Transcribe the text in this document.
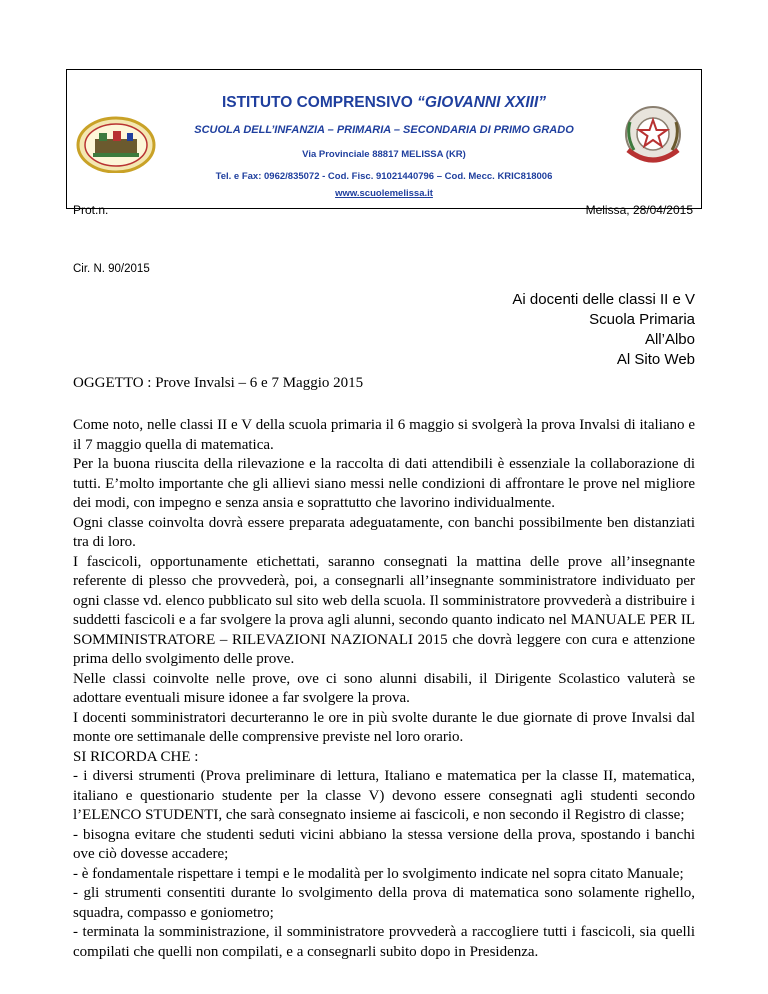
ISTITUTO COMPRENSIVO “GIOVANNI XXIII”
SCUOLA DELL’INFANZIA – PRIMARIA – SECONDARIA DI PRIMO GRADO
Via Provinciale 88817 MELISSA (KR)
Tel. e Fax: 0962/835072 - Cod. Fisc. 91021440796 – Cod. Mecc. KRIC818006
www.scuolemelissa.it
Prot.n.	Melissa, 28/04/2015
Cir. N. 90/2015
Ai docenti delle classi II e V
Scuola Primaria
All’Albo
Al Sito Web
OGGETTO : Prove Invalsi – 6 e 7 Maggio 2015

Come noto, nelle classi II e V della scuola primaria il 6 maggio si svolgerà la prova Invalsi di italiano e il 7 maggio quella di matematica.

Per la buona riuscita della rilevazione e la raccolta di dati attendibili è essenziale la collaborazione di tutti. E’molto importante che gli allievi siano messi nelle condizioni di affrontare le prove nel migliore dei modi, con impegno e senza ansia e soprattutto che lavorino individualmente.

Ogni classe coinvolta dovrà essere preparata adeguatamente, con banchi possibilmente ben distanziati tra di loro.

I fascicoli, opportunamente etichettati, saranno consegnati la mattina delle prove all’insegnante referente di plesso che provvederà, poi, a consegnarli all’insegnante somministratore individuato per ogni classe vd. elenco pubblicato sul sito web della scuola. Il somministratore provvederà a distribuire i suddetti fascicoli e a far svolgere la prova agli alunni, secondo quanto indicato nel MANUALE PER IL SOMMINISTRATORE – RILEVAZIONI NAZIONALI 2015 che dovrà leggere con cura e attenzione prima dello svolgimento delle prove.

Nelle classi coinvolte nelle prove, ove ci sono alunni disabili, il Dirigente Scolastico valuterà se adottare eventuali misure idonee a far svolgere la prova.

I docenti somministratori decurteranno le ore in più svolte durante le due giornate di prove Invalsi dal monte ore settimanale delle comprensive previste nel loro orario.

SI RICORDA CHE :

- i diversi strumenti (Prova preliminare di lettura, Italiano e matematica per la classe II, matematica, italiano e questionario studente per la classe V) devono essere consegnati agli studenti secondo l’ELENCO STUDENTI, che sarà consegnato insieme ai fascicoli, e non secondo il Registro di classe;

- bisogna evitare che studenti seduti vicini abbiano la stessa versione della prova, spostando i banchi ove ciò dovesse accadere;

- è fondamentale rispettare i tempi e le modalità per lo svolgimento indicate nel sopra citato Manuale;

- gli strumenti consentiti durante lo svolgimento della prova di matematica sono solamente righello, squadra, compasso e goniometro;

- terminata la somministrazione, il somministratore provvederà a raccogliere tutti i fascicoli, sia quelli compilati che quelli non compilati, e a consegnarli subito dopo in Presidenza.
